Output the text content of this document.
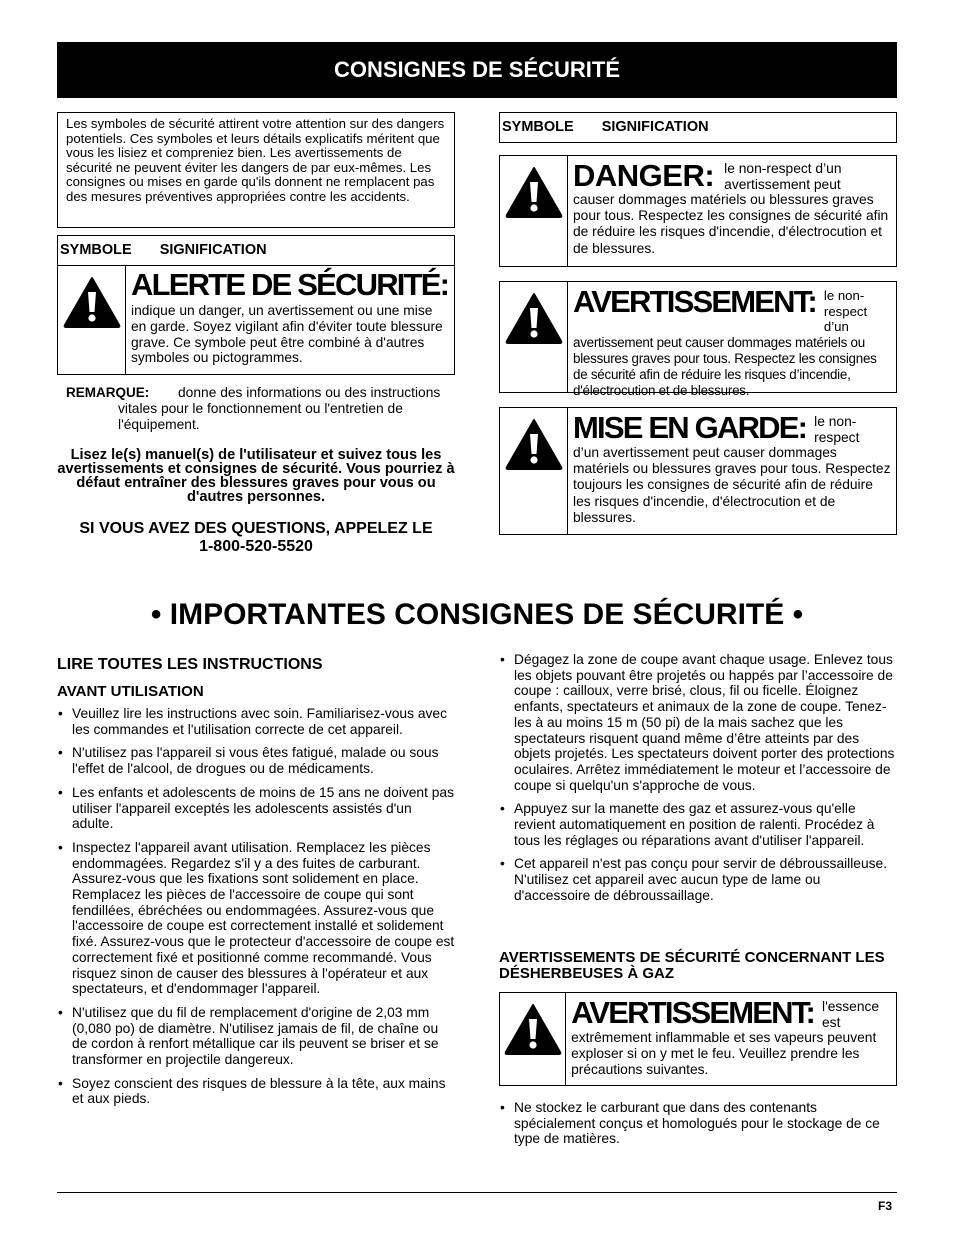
CONSIGNES DE SÉCURITÉ
Les symboles de sécurité attirent votre attention sur des dangers potentiels. Ces symboles et leurs détails explicatifs méritent que vous les lisiez et compreniez bien. Les avertissements de sécurité ne peuvent éviter les dangers de par eux-mêmes. Les consignes ou mises en garde qu'ils donnent ne remplacent pas des mesures préventives appropriées contre les accidents.
SYMBOLE SIGNIFICATION
ALERTE DE SÉCURITÉ:
indique un danger, un avertissement ou une mise en garde. Soyez vigilant afin d'éviter toute blessure grave. Ce symbole peut être combiné à d'autres symboles ou pictogrammes.
REMARQUE:	donne des informations ou des instructions vitales pour le fonctionnement ou l'entretien de l'équipement.
Lisez le(s) manuel(s) de l'utilisateur et suivez tous les avertissements et consignes de sécurité. Vous pourriez à défaut entraîner des blessures graves pour vous ou d'autres personnes.
SI VOUS AVEZ DES QUESTIONS, APPELEZ LE
1-800-520-5520
SYMBOLE SIGNIFICATION
DANGER: le non-respect d’un avertissement peut
causer dommages matériels ou blessures graves pour tous. Respectez les consignes de sécurité afin de réduire les risques d'incendie, d'électrocution et de blessures.
AVERTISSEMENT: le non-respect d’un
avertissement peut causer dommages matériels ou blessures graves pour tous. Respectez les consignes de sécurité afin de réduire les risques d’incendie, d'électrocution et de blessures.
MISE EN GARDE: le non-respect
d’un avertissement peut causer dommages matériels ou blessures graves pour tous. Respectez toujours les consignes de sécurité afin de réduire les risques d'incendie, d'électrocution et de blessures.
• IMPORTANTES CONSIGNES DE SÉCURITÉ •
LIRE TOUTES LES INSTRUCTIONS
AVANT UTILISATION
• Veuillez lire les instructions avec soin. Familiarisez-vous avec les commandes et l'utilisation correcte de cet appareil.
• N'utilisez pas l'appareil si vous êtes fatigué, malade ou sous l'effet de l'alcool, de drogues ou de médicaments.
• Les enfants et adolescents de moins de 15 ans ne doivent pas utiliser l'appareil exceptés les adolescents assistés d'un adulte.
• Inspectez l'appareil avant utilisation. Remplacez les pièces endommagées. Regardez s'il y a des fuites de carburant. Assurez-vous que les fixations sont solidement en place. Remplacez les pièces de l'accessoire de coupe qui sont fendillées, ébréchées ou endommagées. Assurez-vous que l'accessoire de coupe est correctement installé et solidement fixé. Assurez-vous que le protecteur d'accessoire de coupe est correctement fixé et positionné comme recommandé. Vous risquez sinon de causer des blessures à l'opérateur et aux spectateurs, et d'endommager l'appareil.
• N'utilisez que du fil de remplacement d'origine de 2,03 mm (0,080 po) de diamètre. N'utilisez jamais de fil, de chaîne ou de cordon à renfort métallique car ils peuvent se briser et se transformer en projectile dangereux.
• Soyez conscient des risques de blessure à la tête, aux mains et aux pieds.
• Dégagez la zone de coupe avant chaque usage. Enlevez tous les objets pouvant être projetés ou happés par l’accessoire de coupe : cailloux, verre brisé, clous, fil ou ficelle. Éloignez enfants, spectateurs et animaux de la zone de coupe. Tenez-les à au moins 15 m (50 pi) de la mais sachez que les spectateurs risquent quand même d’être atteints par des objets projetés. Les spectateurs doivent porter des protections oculaires. Arrêtez immédiatement le moteur et l’accessoire de coupe si quelqu'un s'approche de vous.
• Appuyez sur la manette des gaz et assurez-vous qu'elle revient automatiquement en position de ralenti. Procédez à tous les réglages ou réparations avant d'utiliser l'appareil.
• Cet appareil n'est pas conçu pour servir de débroussailleuse. N'utilisez cet appareil avec aucun type de lame ou d'accessoire de débroussaillage.
AVERTISSEMENTS DE SÉCURITÉ CONCERNANT LES DÉSHERBEUSES À GAZ
AVERTISSEMENT: l'essence est
extrêmement inflammable et ses vapeurs peuvent exploser si on y met le feu. Veuillez prendre les précautions suivantes.
• Ne stockez le carburant que dans des contenants spécialement conçus et homologués pour le stockage de ce type de matières.
F3
